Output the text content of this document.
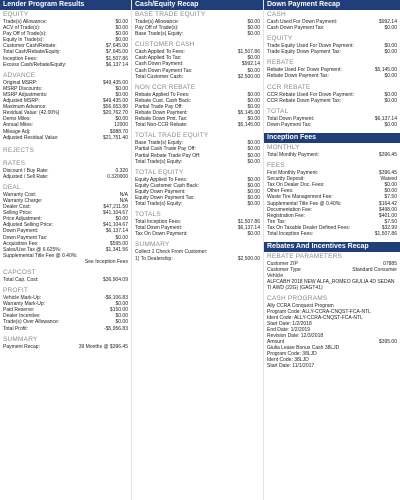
Lender Program Results
EQUITY
Trade(s) Allowance:	$0.00
ACV of Trade(s):	$0.00
Pay Off of Trade(s):	$0.00
Equity In Trade(s):	$0.00
Customer Cash/Rebate:	$7,645.00
Total Cash/Rebate/Equity:	$7,645.00
Inception Fees:	$1,507.86
Excess Cash/Rebate/Equity:	$6,137.14
ADVANCE
Original MSRP:	$49,435.00
MSRP Discounts:	$0.00
MSRP Adjustments:	$0.00
Adjusted MSRP:	$49,435.00
Maximum Advance:	$56,653.80
Residual Value: (42.00%)	$20,762.70
Demo Miles:	$0.00
Annual Miles:	12000
Mileage Adj:	$988.70
Adjusted Residual Value:	$21,751.40
REJECTS
RATES
Discount / Buy Rate:	0.320
Adjusted / Sell Rate:	0.320000
DEAL
Warranty Cost:	N/A
Warranty Charge:	N/A
Dealer Cost:	$47,211.50
Selling Price:	$41,104.67
Price Adjustment:	$0.00
Adjusted Selling Price:	$41,104.67
Down Payment:	$6,137.14
Down Payment Tax:	$0.00
Acquisition Fee:	$595.00
Sales/Use Tax @ 6.625%:	$1,341.56
Supplemental Title Fee @ 0.40%:
See Inception Fees
CAPCOST
Total Cap. Cost:	$36,904.09
PROFIT
Vehicle Mark-Up:	-$6,106.83
Warranty Mark-Up:	$0.00
Paid Reserve:	$150.00
Dealer Incentive:	$0.00
Trade(s) Over Allowance:	$0.00
Total Profit:	-$5,956.83
SUMMARY
Payment Recap:	39 Months @ $396.45
Cash/Equity Recap
BASE TRADE EQUITY
Trade(s) Allowance:	$0.00
Pay Off of Trade(s):	$0.00
Base Trade(s) Equity:	$0.00
CUSTOMER CASH
Cash Applied To Fees:	$1,507.86
Cash Applied To Tax:	$0.00
Cash Down Payment:	$992.14
Cash Down Payment Tax:	$0.00
Total Customer Cash:	$2,500.00
NON CCR REBATE
Rebate Applied To Fees:	$0.00
Rebate Cust. Cash Back:	$0.00
Partial Trade Pay Off:	$0.00
Rebate Down Payment:	$5,145.00
Rebate Down Pmt. Tax:	$0.00
Total Non-CCR Rebate:	$5,145.00
TOTAL TRADE EQUITY
Base Trade(s) Equity:	$0.00
Partial Cash Trade Pay Off:	$0.00
Partial Rebate Trade Pay Off:	$0.00
Total Trade(s) Equity:	$0.00
TOTAL EQUITY
Equity Applied To Fees:	$0.00
Equity Customer Cash Back:	$0.00
Equity Down Payment:	$0.00
Equity Down Payment Tax:	$0.00
Total Trade(s) Equity:	$0.00
TOTALS
Total Inception Fees:	$1,507.86
Total Down Payment:	$6,137.14
Tax On Down Payment:	$0.00
SUMMARY
Collect 1 Check From Customer:
1) To Dealership:	$2,500.00
Down Payment Recap
CASH
Cash Used For Down Payment:	$992.14
Cash Down Payment Tax:	$0.00
EQUITY
Trade Equity Used For Down Payment:	$0.00
Trade Equity Down Payment Tax:	$0.00
REBATE
Rebate Used For Down Payment:	$5,145.00
Rebate Down Payment Tax:	$0.00
CCR REBATE
CCR Rebate Used For Down Payment:	$0.00
CCR Rebate Down Payment Tax:	$0.00
TOTAL
Total Down Payment:	$6,137.14
Down Payment Tax:	$0.00
Inception Fees
MONTHLY
Total Monthly Payment:	$396.45
FEES
First Monthly Payment:	$396.45
Security Deposit:	Waived
Tax On Dealer Doc. Fees:	$0.00
Other Fees:	$0.00
Waste Tire Management Fee:	$7.50
Supplemental Title Fee @ 0.40%:	$164.42
Documentation Fee:	$498.00
Registration Fee:	$401.00
Tire Tax:	$7.50
Tax On Taxable Dealer Defined Fees:	$32.99
Total Inception Fees:	$1,507.86
Rebates And Incentives Recap
REBATE PARAMETERS
Customer ZIP	07885
Customer Type	Standard Consumer
Vehicle
ALFCABH 2018 NEW ALFA_ROMEO GIULIA 4D SEDAN TI AWD (22G) (GAGT41)
CASH PROGRAMS
Ally CCRA Conquest Program
Program Code: ALLY-CCRA-CNQST-FCA-NTL
Ident Code: ALLY-CCRA-CNQST-FCA-NTL
Start Date: 1/2/2018
End Date: 1/2/2019
Revision Date: 12/3/2018
Amount	$395.00
Giulia Lease Bonus Cash 38LJD
Program Code: 38LJD
Ident Code: 38LJD
Start Date: 11/1/2017
